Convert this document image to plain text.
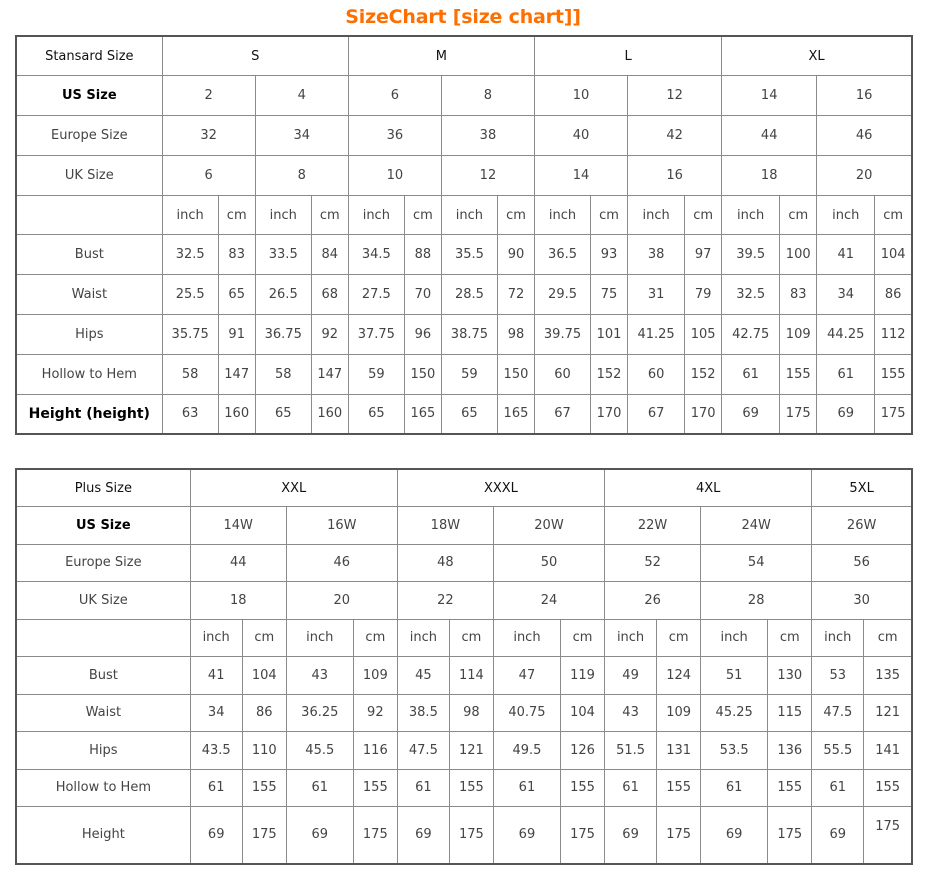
SizeChart [size chart]]
Stansard Size	S				M				L				XL			
US Size	2		4		6		8		10		12		14		16	
Europe Size	32		34		36		38		40		42		44		46	
UK Size	6		8		10		12		14		16		18		20	
	inch	cm	inch	cm	inch	cm	inch	cm	inch	cm	inch	cm	inch	cm	inch	cm
Bust	32.5	83	33.5	84	34.5	88	35.5	90	36.5	93	38	97	39.5	100	41	104
Waist	25.5	65	26.5	68	27.5	70	28.5	72	29.5	75	31	79	32.5	83	34	86
Hips	35.75	91	36.75	92	37.75	96	38.75	98	39.75	101	41.25	105	42.75	109	44.25	112
Hollow to Hem	58	147	58	147	59	150	59	150	60	152	60	152	61	155	61	155
Height (height)	63	160	65	160	65	165	65	165	67	170	67	170	69	175	69	175
Plus Size	XXL				XXXL				4XL				5XL	
US Size	14W		16W		18W		20W		22W		24W		26W	
Europe Size	44		46		48		50		52		54		56	
UK Size	18		20		22		24		26		28		30	
	inch	cm	inch	cm	inch	cm	inch	cm	inch	cm	inch	cm	inch	cm
Bust	41	104	43	109	45	114	47	119	49	124	51	130	53	135
Waist	34	86	36.25	92	38.5	98	40.75	104	43	109	45.25	115	47.5	121
Hips	43.5	110	45.5	116	47.5	121	49.5	126	51.5	131	53.5	136	55.5	141
Hollow to Hem	61	155	61	155	61	155	61	155	61	155	61	155	61	155
Height	69	175	69	175	69	175	69	175	69	175	69	175	69	175
